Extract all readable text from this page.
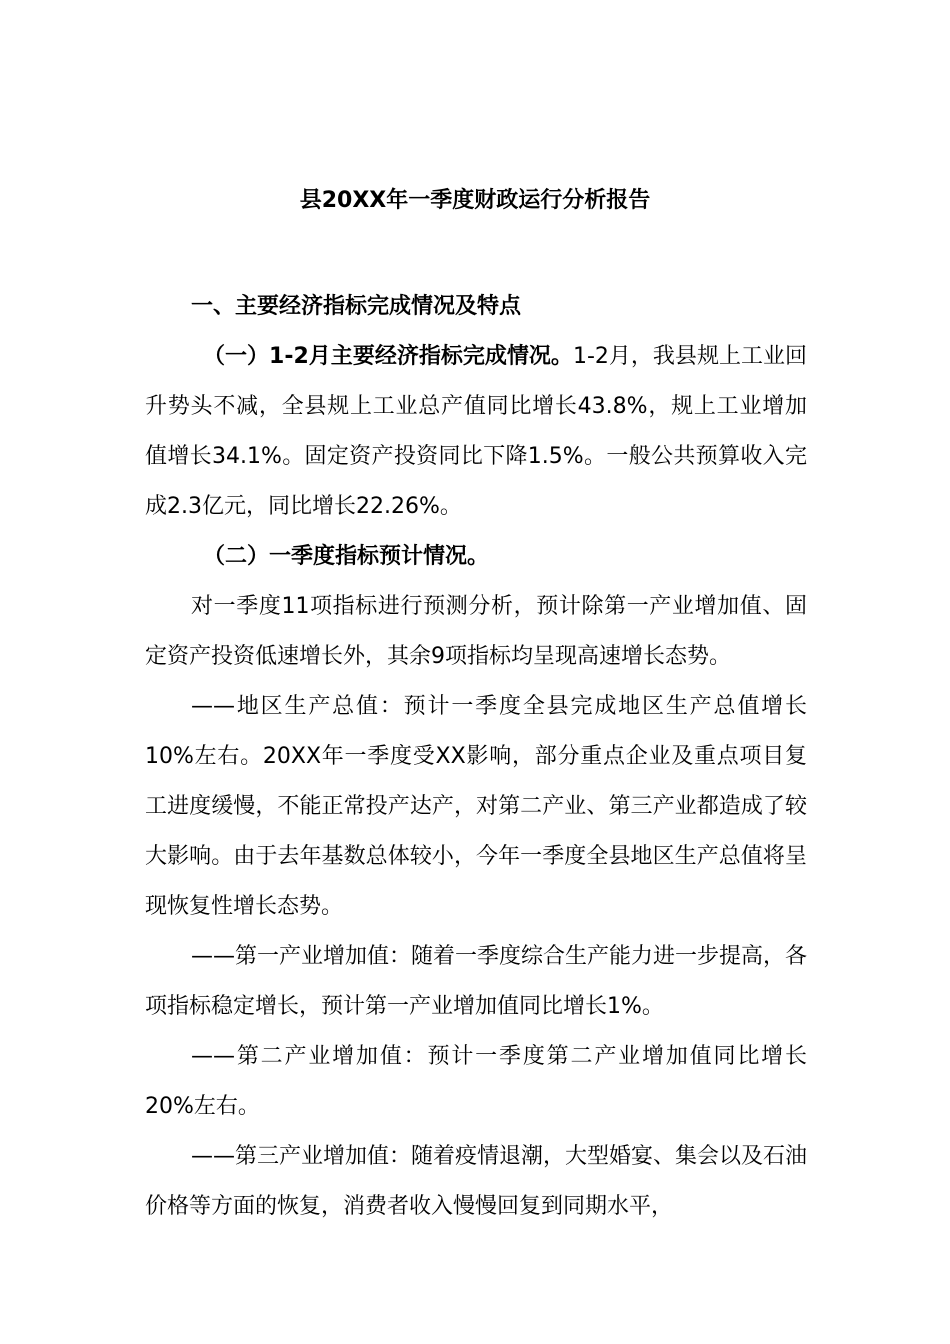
县20XX年一季度财政运行分析报告

一、主要经济指标完成情况及特点

（一）1-2月主要经济指标完成情况。1-2月，我县规上工业回升势头不减，全县规上工业总产值同比增长43.8%，规上工业增加值增长34.1%。固定资产投资同比下降1.5%。一般公共预算收入完成2.3亿元，同比增长22.26%。

（二）一季度指标预计情况。

对一季度11项指标进行预测分析，预计除第一产业增加值、固定资产投资低速增长外，其余9项指标均呈现高速增长态势。

——地区生产总值：预计一季度全县完成地区生产总值增长10%左右。20XX年一季度受XX影响，部分重点企业及重点项目复工进度缓慢，不能正常投产达产，对第二产业、第三产业都造成了较大影响。由于去年基数总体较小，今年一季度全县地区生产总值将呈现恢复性增长态势。

——第一产业增加值：随着一季度综合生产能力进一步提高，各项指标稳定增长，预计第一产业增加值同比增长1%。

——第二产业增加值：预计一季度第二产业增加值同比增长20%左右。

——第三产业增加值：随着疫情退潮，大型婚宴、集会以及石油价格等方面的恢复，消费者收入慢慢回复到同期水平，
